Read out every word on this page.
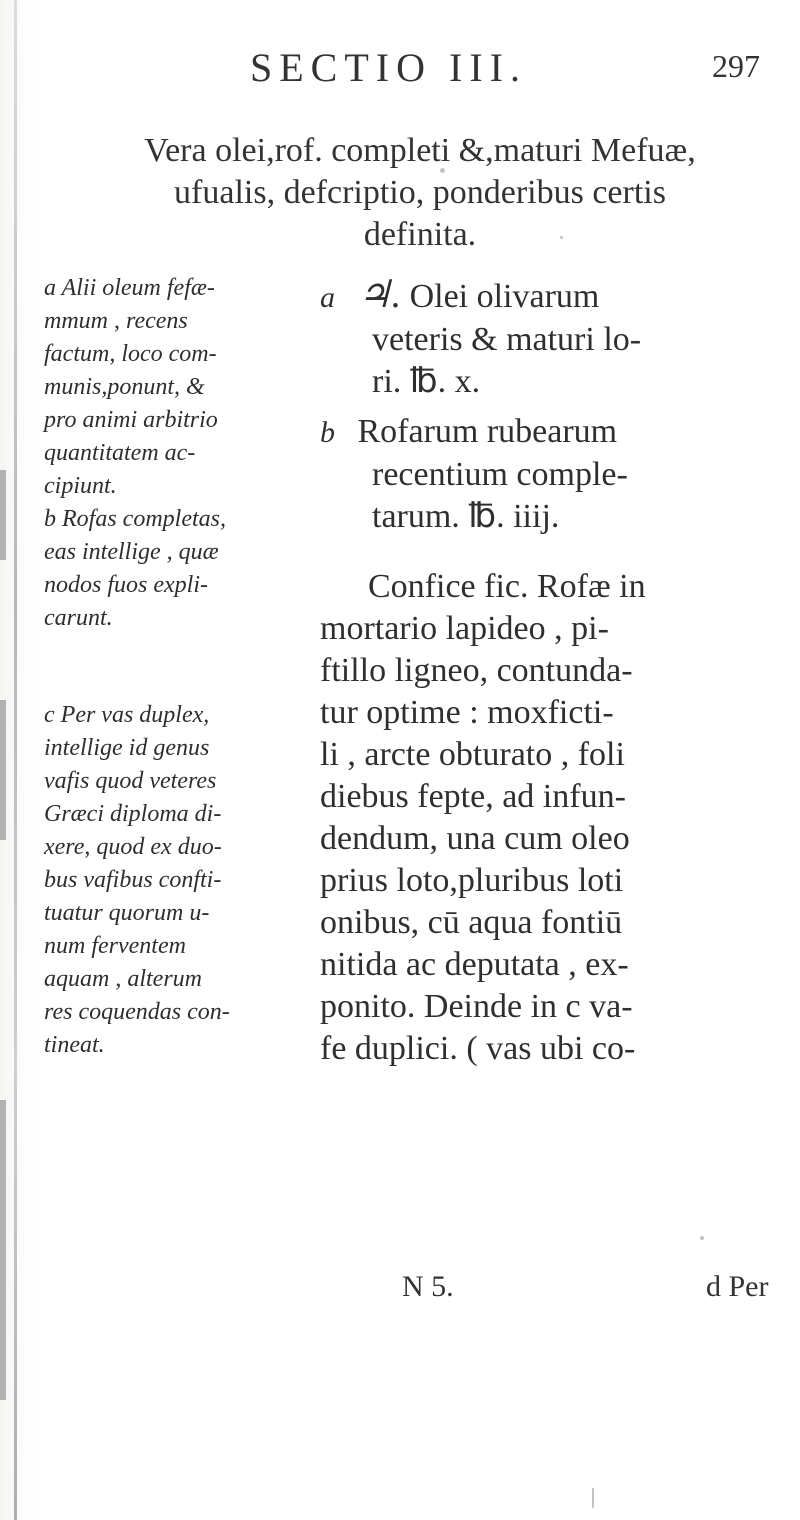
SECTIO III.	297
Vera olei,rof. completi &,maturi Mefuæ,
ufualis, defcriptio, ponderibus certis
definita.
a Alii oleum fefæ-
mmum , recens
factum, loco com-
munis,ponunt, &
pro animi arbitrio
quantitatem ac-
cipiunt.
b Rofas completas,
eas intellige , quæ
nodos fuos expli-
carunt.
c Per vas duplex,
intellige id genus
vafis quod veteres
Græci diploma di-
xere, quod ex duo-
bus vafibus confti-
tuatur quorum u-
num ferventem
aquam , alterum
res coquendas con-
tineat.
a ♃. Olei olivarum
veteris & maturi lo-
ri. ℔. x.
b Rofarum rubearum
recentium comple-
tarum. ℔. iiij.
Confice fic. Rofæ in
mortario lapideo , pi-
ftillo ligneo, contunda-
tur optime : moxficti-
li , arcte obturato , foli
diebus fepte, ad infun-
dendum, una cum oleo
prius loto,pluribus loti
onibus, cū aqua fontiū
nitida ac deputata , ex-
ponito. Deinde in c va-
fe duplici. ( vas ubi co-
N 5.	d Per
